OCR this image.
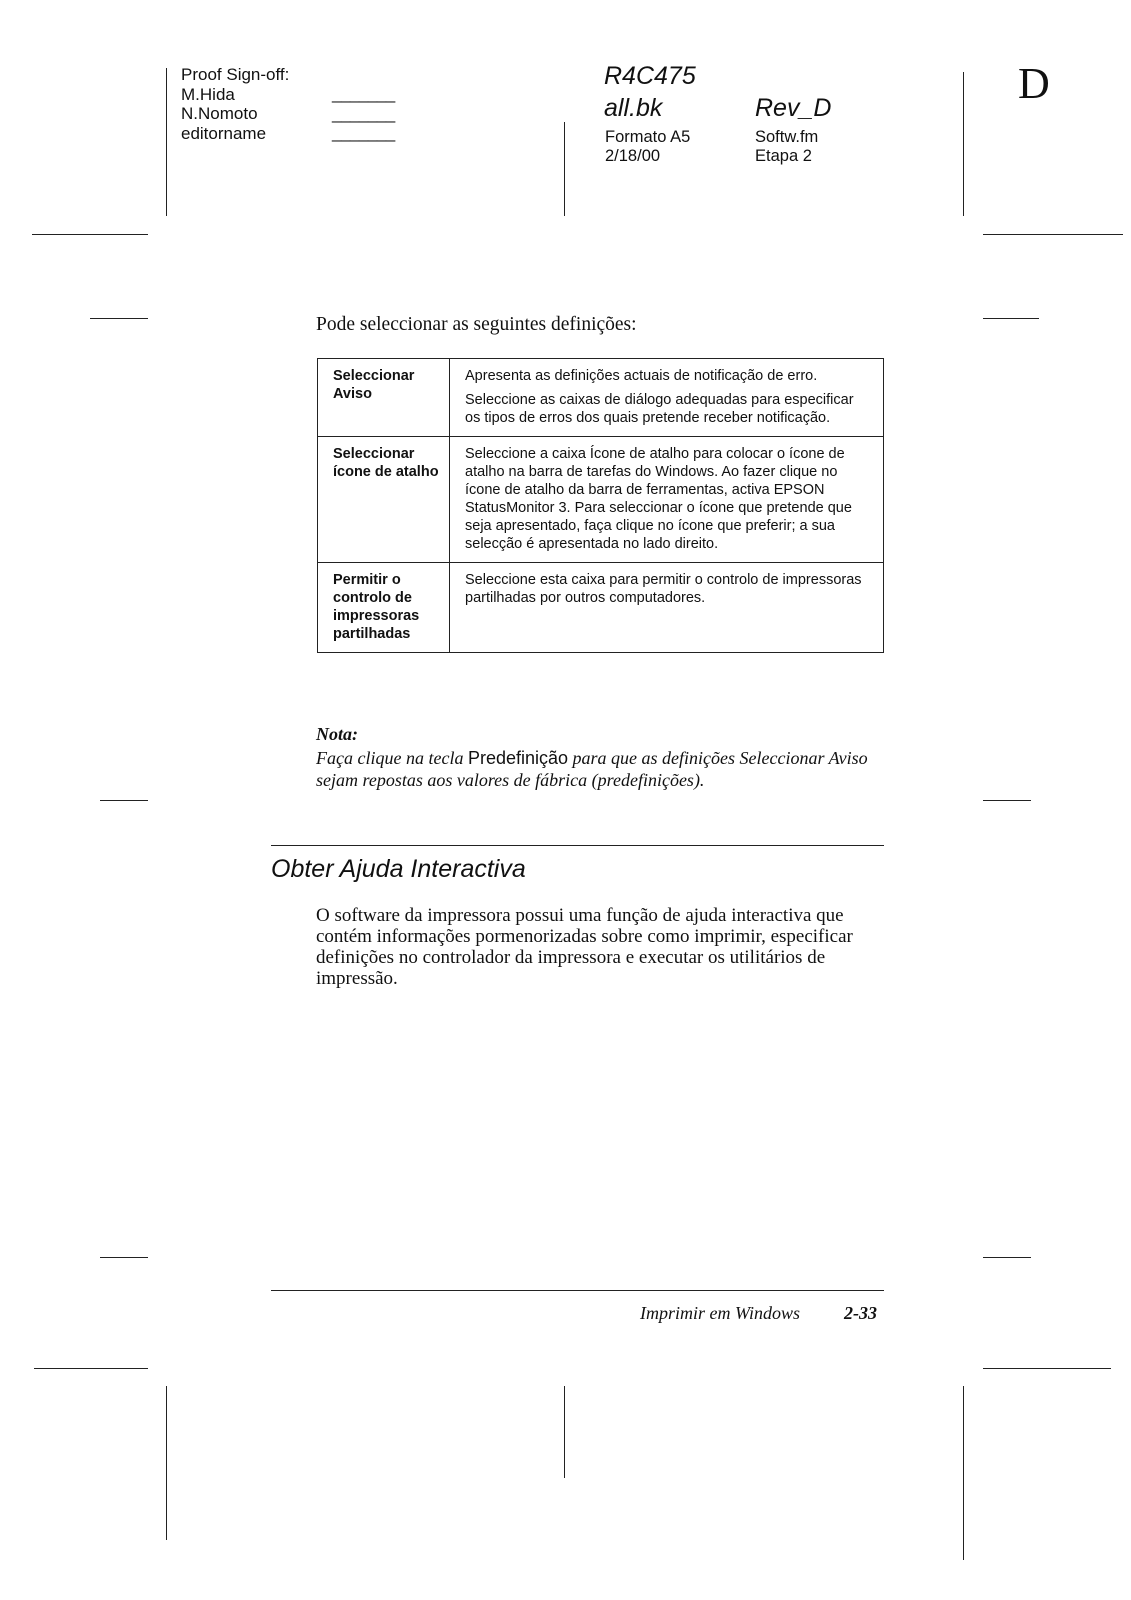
Proof Sign-off:
M.Hida
N.Nomoto
editorname
_______
_______
_______
R4C475
all.bk	Rev_D
Formato A5	Softw.fm
2/18/00	Etapa 2
D
Pode seleccionar as seguintes definições:
Seleccionar Aviso	Apresenta as definições actuais de notificação de erro.

Seleccione as caixas de diálogo adequadas para especificar os tipos de erros dos quais pretende receber notificação.

Seleccionar ícone de atalho	Seleccione a caixa Ícone de atalho para colocar o ícone de atalho na barra de tarefas do Windows. Ao fazer clique no ícone de atalho da barra de ferramentas, activa EPSON StatusMonitor 3. Para seleccionar o ícone que pretende que seja apresentado, faça clique no ícone que preferir; a sua selecção é apresentada no lado direito.

Permitir o controlo de impressoras partilhadas	Seleccione esta caixa para permitir o controlo de impressoras partilhadas por outros computadores.

Nota:
Faça clique na tecla Predefinição para que as definições Seleccionar Aviso sejam repostas aos valores de fábrica (predefinições).
Obter Ajuda Interactiva
O software da impressora possui uma função de ajuda interactiva que contém informações pormenorizadas sobre como imprimir, especificar definições no controlador da impressora e executar os utilitários de impressão.
Imprimir em Windows 2-33
